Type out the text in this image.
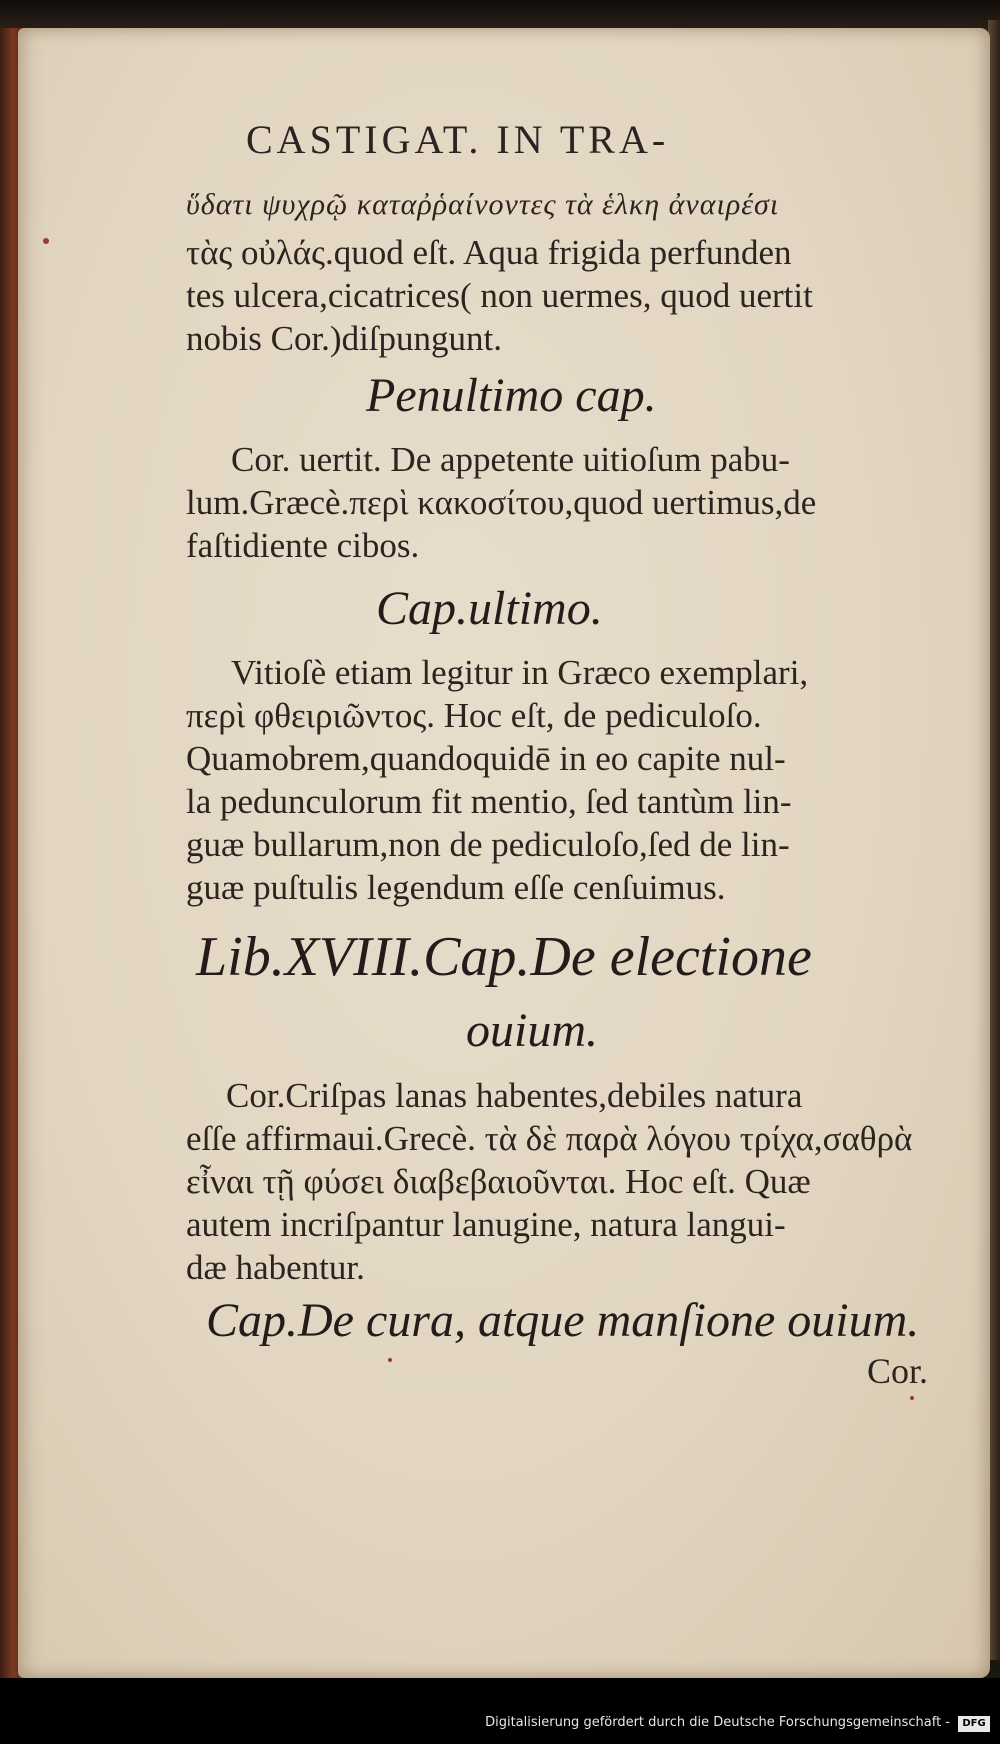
CASTIGAT. IN TRA-
ὕδατι ψυχρῷ καταῤῥαίνοντες τὰ ἑλκη ἀναιρέσι
τὰς οὐλάς.quod eſt. Aqua frigida perfunden
tes ulcera,cicatrices( non uermes, quod uertit
nobis Cor.)diſpungunt.
Penultimo cap.
Cor. uertit. De appetente uitioſum pabu-
lum.Græcè.περὶ κακοσίτου,quod uertimus,de
faſtidiente cibos.
Cap.ultimo.
Vitioſè etiam legitur in Græco exemplari,
περὶ φθειριῶντος. Hoc eſt, de pediculoſo.
Quamobrem,quandoquidē in eo capite nul-
la pedunculorum fit mentio, ſed tantùm lin-
guæ bullarum,non de pediculoſo,ſed de lin-
guæ puſtulis legendum eſſe cenſuimus.
Lib.XVIII.Cap.De electione
ouium.
Cor.Criſpas lanas habentes,debiles natura
eſſe affirmaui.Grecè. τὰ δὲ παρὰ λόγου τρίχα,σαθρὰ
εἶναι τῇ φύσει διαβεβαιοῦνται. Hoc eſt. Quæ
autem incriſpantur lanugine, natura langui-
dæ habentur.
Cap.De cura, atque manſione ouium.
Cor.
Digitalisierung gefördert durch die Deutsche Forschungsgemeinschaft -	DFG
